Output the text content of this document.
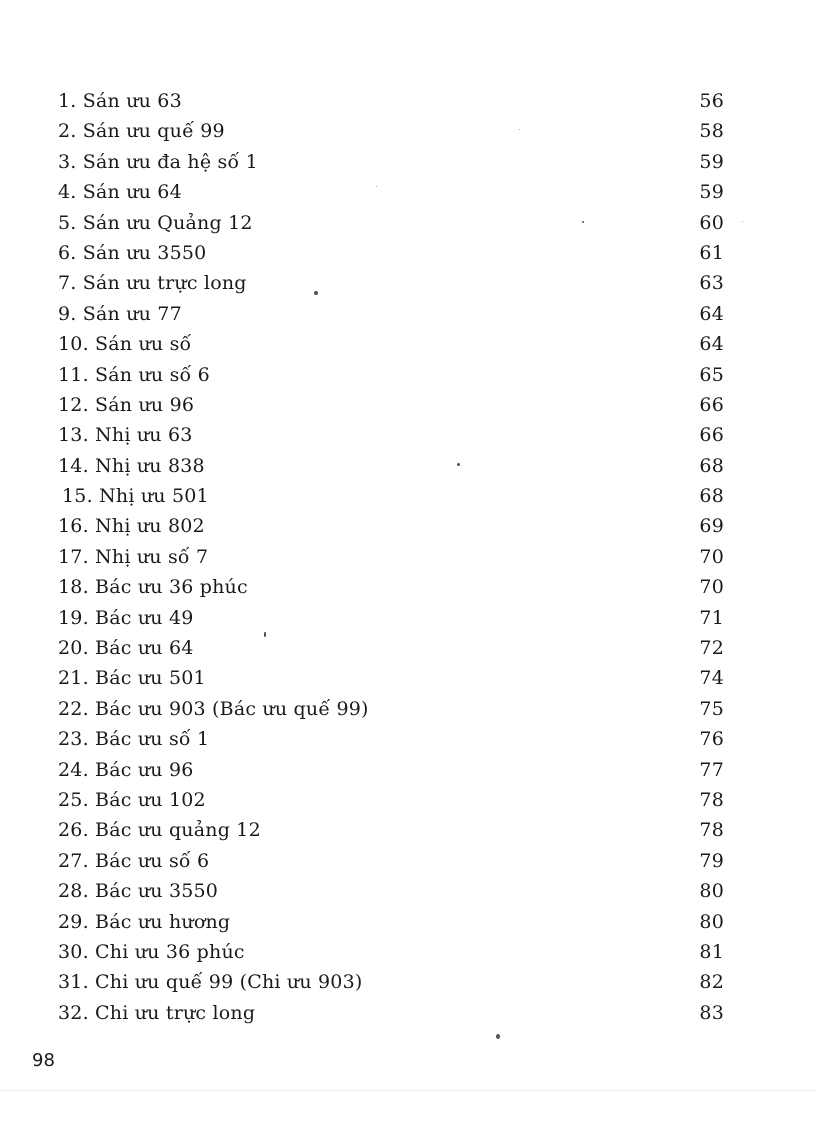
1. Sán ưu 63	56
2. Sán ưu quế 99	58
3. Sán ưu đa hệ số 1	59
4. Sán ưu 64	59
5. Sán ưu Quảng 12	60
6. Sán ưu 3550	61
7. Sán ưu trực long	63
9. Sán ưu 77	64
10. Sán ưu số	64
11. Sán ưu số 6	65
12. Sán ưu 96	66
13. Nhị ưu 63	66
14. Nhị ưu 838	68
15. Nhị ưu 501	68
16. Nhị ưu 802	69
17. Nhị ưu số 7	70
18. Bác ưu 36 phúc	70
19. Bác ưu 49	71
20. Bác ưu 64	72
21. Bác ưu 501	74
22. Bác ưu 903 (Bác ưu quế 99)	75
23. Bác ưu số 1	76
24. Bác ưu 96	77
25. Bác ưu 102	78
26. Bác ưu quảng 12	78
27. Bác ưu số 6	79
28. Bác ưu 3550	80
29. Bác ưu hương	80
30. Chi ưu 36 phúc	81
31. Chi ưu quế 99 (Chi ưu 903)	82
32. Chi ưu trực long	83
98
